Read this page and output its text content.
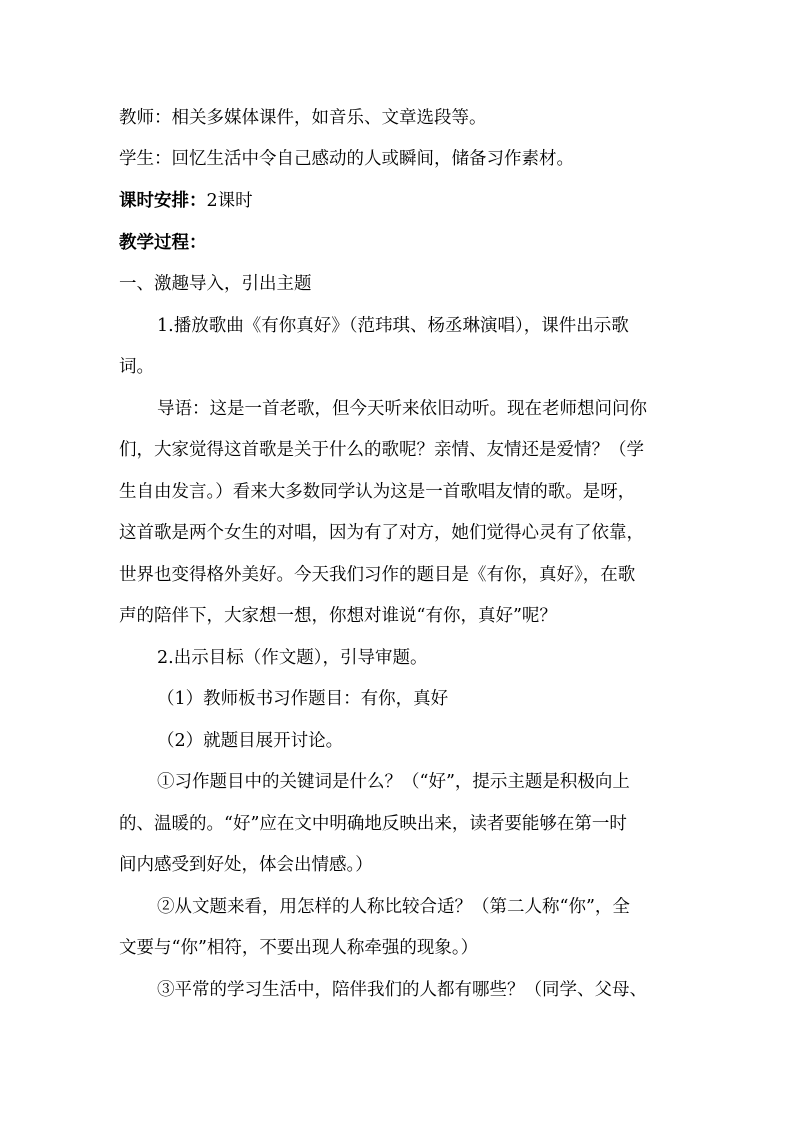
教师：相关多媒体课件，如音乐、文章选段等。
学生：回忆生活中令自己感动的人或瞬间，储备习作素材。
课时安排：2课时
教学过程：
一、激趣导入，引出主题
1.播放歌曲《有你真好》（范玮琪、杨丞琳演唱），课件出示歌
词。
导语：这是一首老歌，但今天听来依旧动听。现在老师想问问你
们，大家觉得这首歌是关于什么的歌呢？亲情、友情还是爱情？（学
生自由发言。）看来大多数同学认为这是一首歌唱友情的歌。是呀，
这首歌是两个女生的对唱，因为有了对方，她们觉得心灵有了依靠，
世界也变得格外美好。今天我们习作的题目是《有你，真好》，在歌
声的陪伴下，大家想一想，你想对谁说“有你，真好”呢？
2.出示目标（作文题），引导审题。
（1）教师板书习作题目：有你，真好
（2）就题目展开讨论。
①习作题目中的关键词是什么？（“好”，提示主题是积极向上
的、温暖的。“好”应在文中明确地反映出来，读者要能够在第一时
间内感受到好处，体会出情感。）
②从文题来看，用怎样的人称比较合适？（第二人称“你”，全
文要与“你”相符，不要出现人称牵强的现象。）
③平常的学习生活中，陪伴我们的人都有哪些？（同学、父母、
